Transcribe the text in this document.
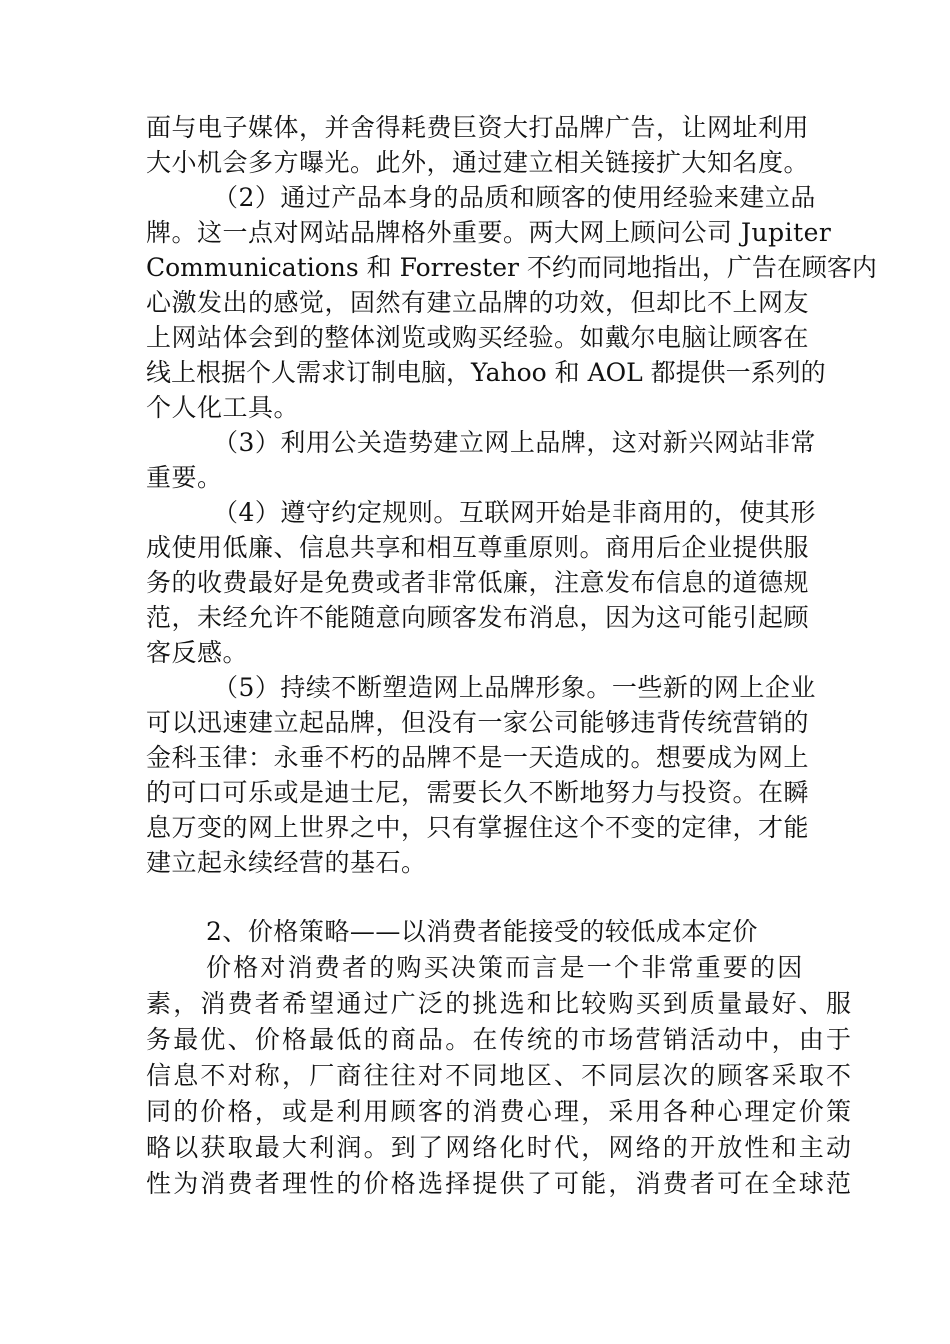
面与电子媒体，并舍得耗费巨资大打品牌广告，让网址利用
大小机会多方曝光。此外，通过建立相关链接扩大知名度。
（2）通过产品本身的品质和顾客的使用经验来建立品
牌。这一点对网站品牌格外重要。两大网上顾问公司 Jupiter
Communications 和 Forrester 不约而同地指出，广告在顾客内
心激发出的感觉，固然有建立品牌的功效，但却比不上网友
上网站体会到的整体浏览或购买经验。如戴尔电脑让顾客在
线上根据个人需求订制电脑，Yahoo 和 AOL 都提供一系列的
个人化工具。
（3）利用公关造势建立网上品牌，这对新兴网站非常
重要。
（4）遵守约定规则。互联网开始是非商用的，使其形
成使用低廉、信息共享和相互尊重原则。商用后企业提供服
务的收费最好是免费或者非常低廉，注意发布信息的道德规
范，未经允许不能随意向顾客发布消息，因为这可能引起顾
客反感。
（5）持续不断塑造网上品牌形象。一些新的网上企业
可以迅速建立起品牌，但没有一家公司能够违背传统营销的
金科玉律：永垂不朽的品牌不是一天造成的。想要成为网上
的可口可乐或是迪士尼，需要长久不断地努力与投资。在瞬
息万变的网上世界之中，只有掌握住这个不变的定律，才能
建立起永续经营的基石。
2、价格策略——以消费者能接受的较低成本定价
价格对消费者的购买决策而言是一个非常重要的因
素，消费者希望通过广泛的挑选和比较购买到质量最好、服
务最优、价格最低的商品。在传统的市场营销活动中，由于
信息不对称，厂商往往对不同地区、不同层次的顾客采取不
同的价格，或是利用顾客的消费心理，采用各种心理定价策
略以获取最大利润。到了网络化时代，网络的开放性和主动
性为消费者理性的价格选择提供了可能，消费者可在全球范
